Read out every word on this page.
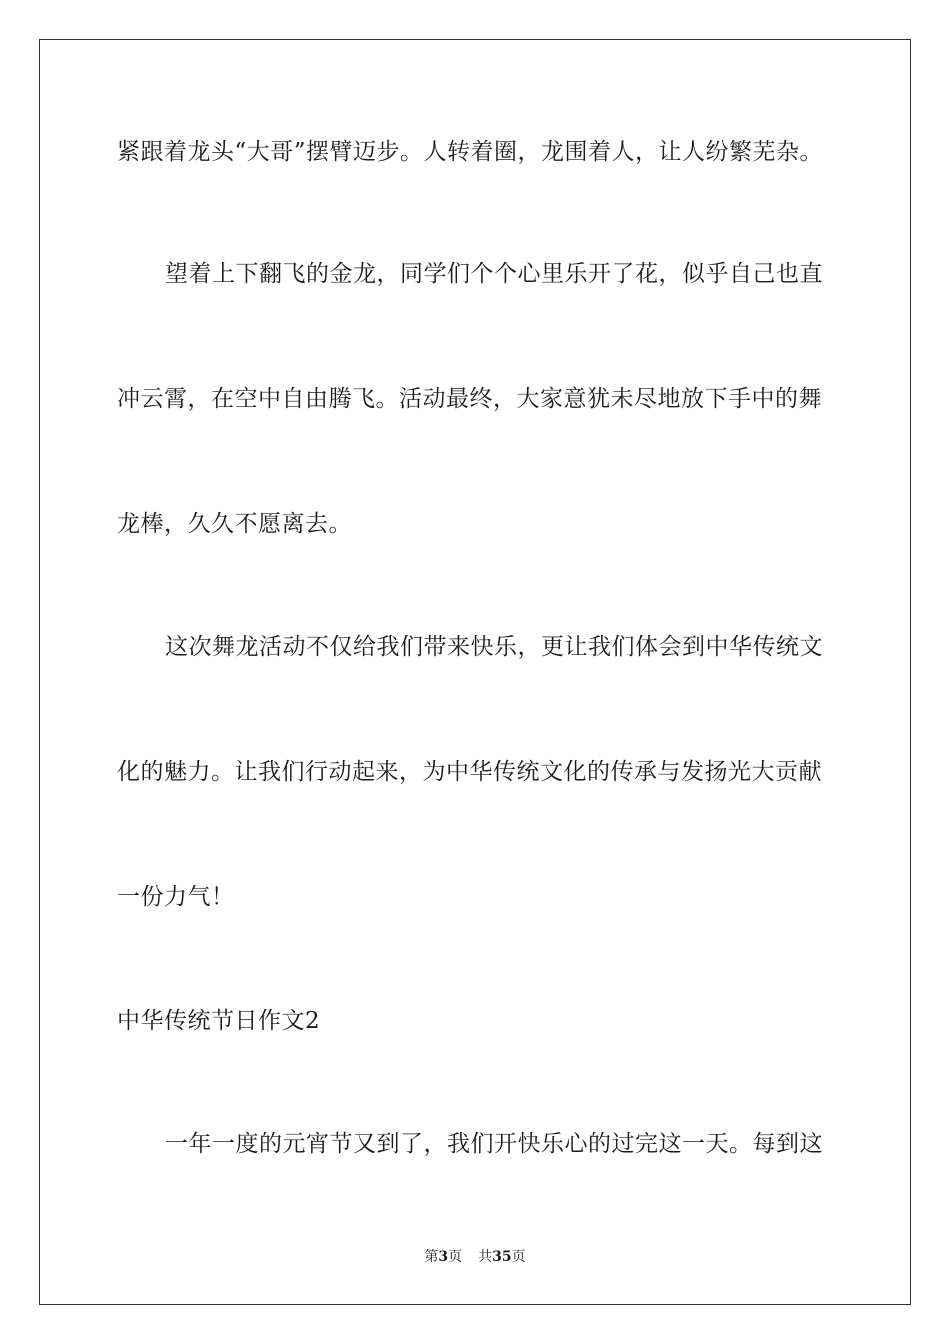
紧跟着龙头“大哥”摆臂迈步。人转着圈，龙围着人，让人纷繁芜杂。
望着上下翻飞的金龙，同学们个个心里乐开了花，似乎自己也直
冲云霄，在空中自由腾飞。活动最终，大家意犹未尽地放下手中的舞
龙棒，久久不愿离去。
这次舞龙活动不仅给我们带来快乐，更让我们体会到中华传统文
化的魅力。让我们行动起来，为中华传统文化的传承与发扬光大贡献
一份力气！
中华传统节日作文2
一年一度的元宵节又到了，我们开快乐心的过完这一天。每到这
第3页 共35页
